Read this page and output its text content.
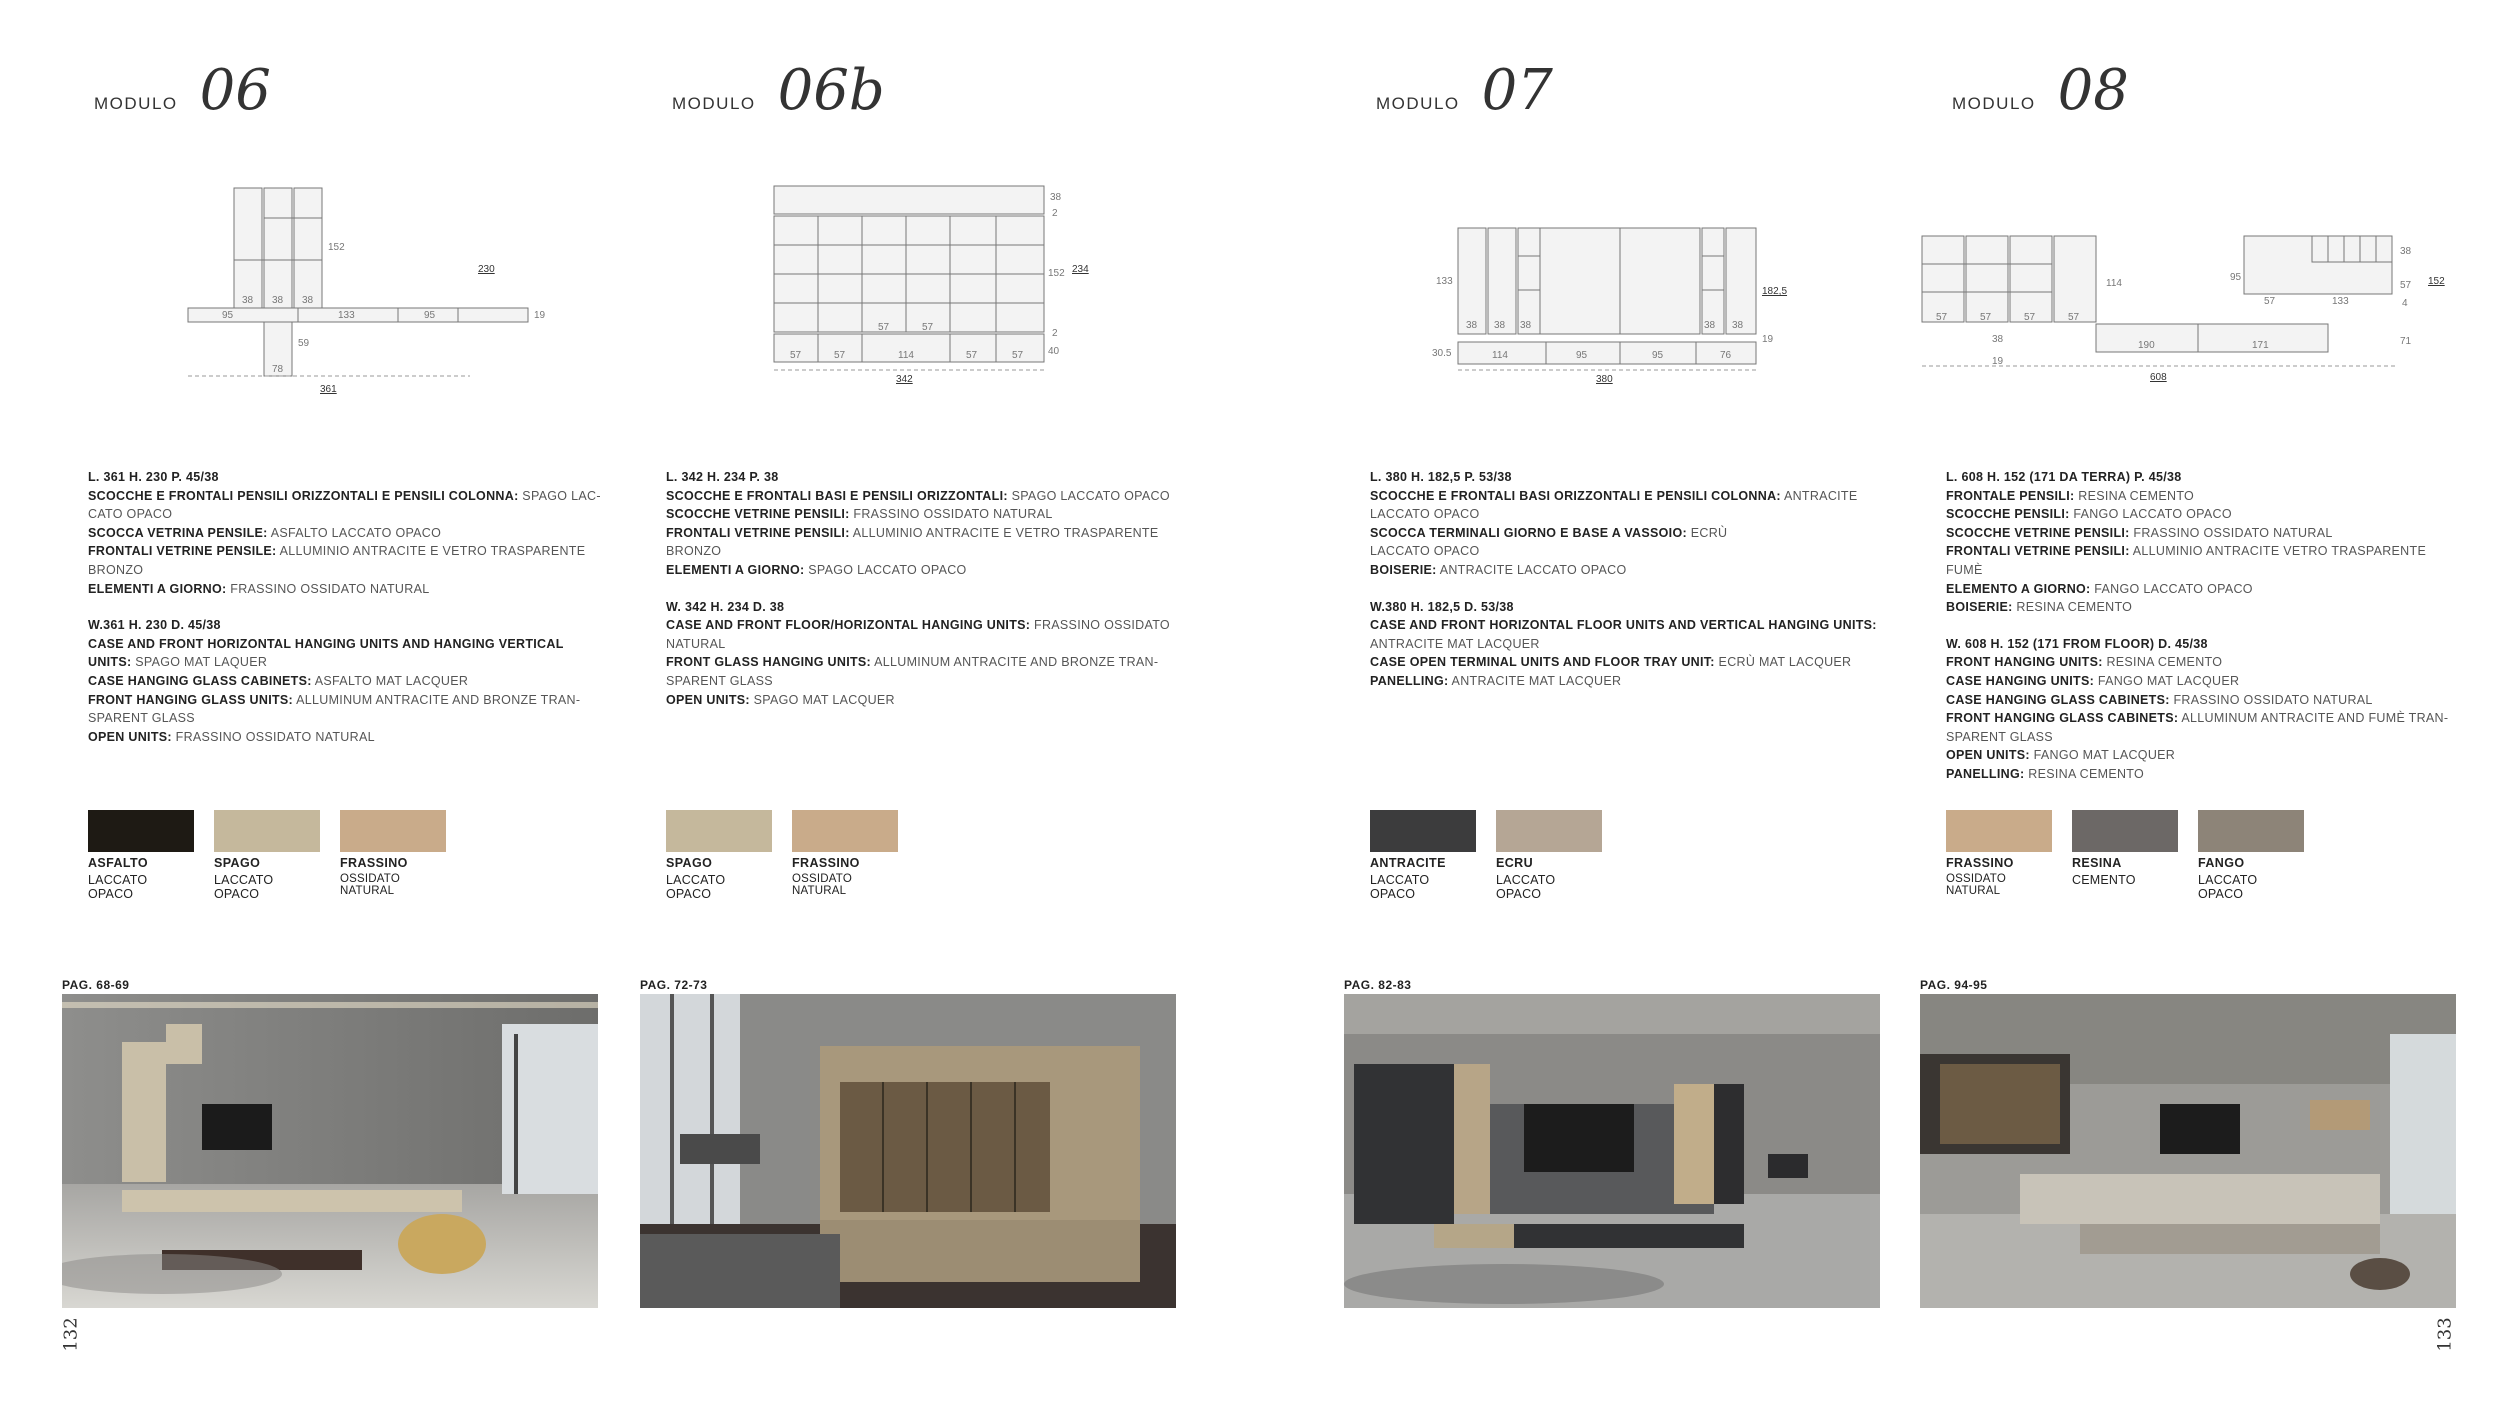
MODULO 06
152
230
38 38 38
95	133	95	19
59
78
361

L. 361 H. 230 P. 45/38

SCOCCHE E FRONTALI PENSILI ORIZZONTALI E PENSILI COLONNA: SPAGO LAC-

CATO OPACO

SCOCCA VETRINA PENSILE: ASFALTO LACCATO OPACO

FRONTALI VETRINE PENSILE: ALLUMINIO ANTRACITE E VETRO TRASPARENTE

BRONZO

ELEMENTI A GIORNO: FRASSINO OSSIDATO NATURAL

W.361 H. 230 D. 45/38

CASE AND FRONT HORIZONTAL HANGING UNITS AND HANGING VERTICAL

UNITS: SPAGO MAT LAQUER

CASE HANGING GLASS CABINETS: ASFALTO MAT LACQUER

FRONT HANGING GLASS UNITS: ALLUMINUM ANTRACITE AND BRONZE TRAN-

SPARENT GLASS

OPEN UNITS: FRASSINO OSSIDATO NATURAL

ASFALTO
LACCATO OPACO
SPAGO
LACCATO OPACO
FRASSINO
OSSIDATO NATURAL
PAG. 68-69
MODULO 06b
38
2
152 234
2
40
57	57
57	57	114	57	57
342

L. 342 H. 234 P. 38

SCOCCHE E FRONTALI BASI E PENSILI ORIZZONTALI: SPAGO LACCATO OPACO

SCOCCHE VETRINE PENSILI: FRASSINO OSSIDATO NATURAL

FRONTALI VETRINE PENSILI: ALLUMINIO ANTRACITE E VETRO TRASPARENTE

BRONZO

ELEMENTI A GIORNO: SPAGO LACCATO OPACO

W. 342 H. 234 D. 38

CASE AND FRONT FLOOR/HORIZONTAL HANGING UNITS: FRASSINO OSSIDATO

NATURAL

FRONT GLASS HANGING UNITS: ALLUMINUM ANTRACITE AND BRONZE TRAN-

SPARENT GLASS

OPEN UNITS: SPAGO MAT LACQUER

SPAGO
LACCATO OPACO
FRASSINO
OSSIDATO NATURAL
PAG. 72-73
MODULO 07
133
38 38 38	38 38
182,5
19
30.5	114	95	95	76
380

L. 380 H. 182,5 P. 53/38

SCOCCHE E FRONTALI BASI ORIZZONTALI E PENSILI COLONNA: ANTRACITE

LACCATO OPACO

SCOCCA TERMINALI GIORNO E BASE A VASSOIO: ECRÙ

LACCATO OPACO

BOISERIE: ANTRACITE LACCATO OPACO

W.380 H. 182,5 D. 53/38

CASE AND FRONT HORIZONTAL FLOOR UNITS AND VERTICAL HANGING UNITS:

ANTRACITE MAT LACQUER

CASE OPEN TERMINAL UNITS AND FLOOR TRAY UNIT: ECRÙ MAT LACQUER

PANELLING: ANTRACITE MAT LACQUER

ANTRACITE
LACCATO OPACO
ECRU
LACCATO OPACO
PAG. 82-83
MODULO 08
114
95
38
57 152
4
57	133
57	57	57	57
38
190	171	71
19
608

L. 608 H. 152 (171 DA TERRA) P. 45/38

FRONTALE PENSILI: RESINA CEMENTO

SCOCCHE PENSILI: FANGO LACCATO OPACO

SCOCCHE VETRINE PENSILI: FRASSINO OSSIDATO NATURAL

FRONTALI VETRINE PENSILI: ALLUMINIO ANTRACITE VETRO TRASPARENTE FUMÈ

ELEMENTO A GIORNO: FANGO LACCATO OPACO

BOISERIE: RESINA CEMENTO

W. 608 H. 152 (171 FROM FLOOR) D. 45/38

FRONT HANGING UNITS: RESINA CEMENTO

CASE HANGING UNITS: FANGO MAT LACQUER

CASE HANGING GLASS CABINETS: FRASSINO OSSIDATO NATURAL

FRONT HANGING GLASS CABINETS: ALLUMINUM ANTRACITE AND FUMÈ TRAN-

SPARENT GLASS

OPEN UNITS: FANGO MAT LACQUER

PANELLING: RESINA CEMENTO

FRASSINO
OSSIDATO NATURAL
RESINA
CEMENTO
FANGO
LACCATO OPACO
PAG. 94-95
132	133
